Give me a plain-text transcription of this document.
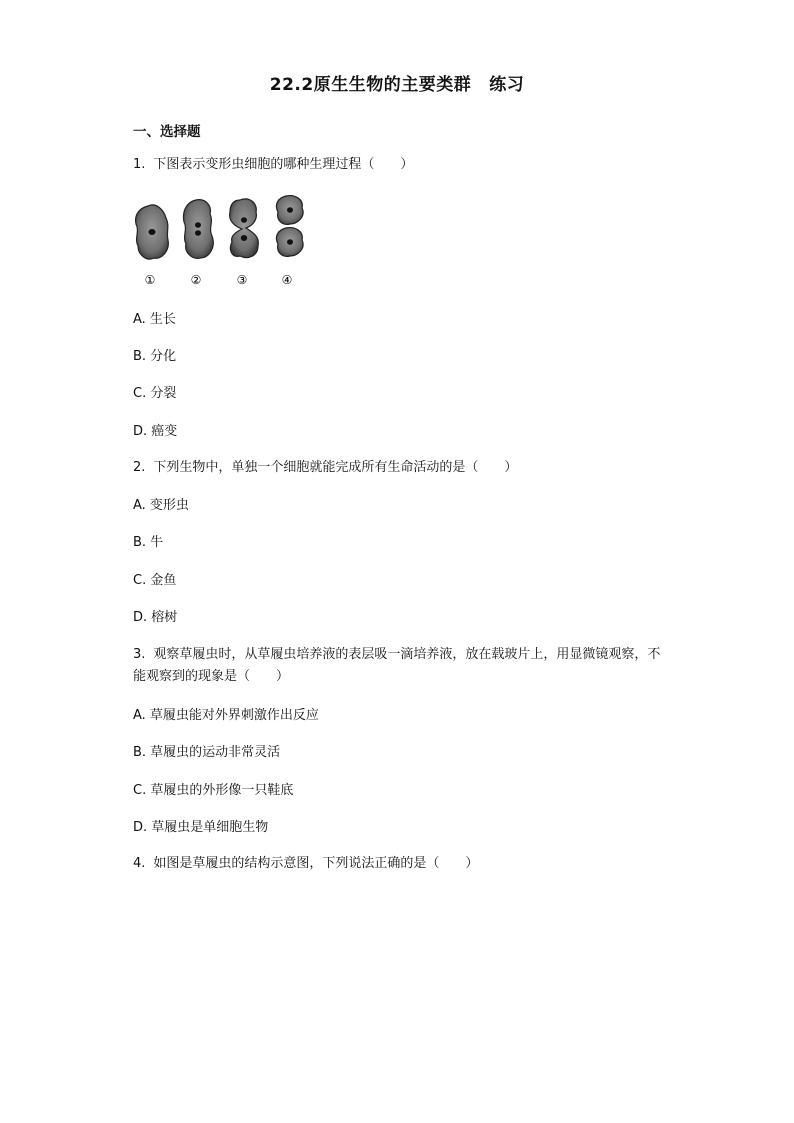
22.2原生生物的主要类群 练习
一、选择题
1. 下图表示变形虫细胞的哪种生理过程（　　）
①	②	③	④
A. 生长
B. 分化
C. 分裂
D. 癌变
2. 下列生物中，单独一个细胞就能完成所有生命活动的是（　　）
A. 变形虫
B. 牛
C. 金鱼
D. 榕树
3. 观察草履虫时，从草履虫培养液的表层吸一滴培养液，放在载玻片上，用显微镜观察，不能观察到的现象是（　　）
A. 草履虫能对外界刺激作出反应
B. 草履虫的运动非常灵活
C. 草履虫的外形像一只鞋底
D. 草履虫是单细胞生物
4. 如图是草履虫的结构示意图，下列说法正确的是（　　）
